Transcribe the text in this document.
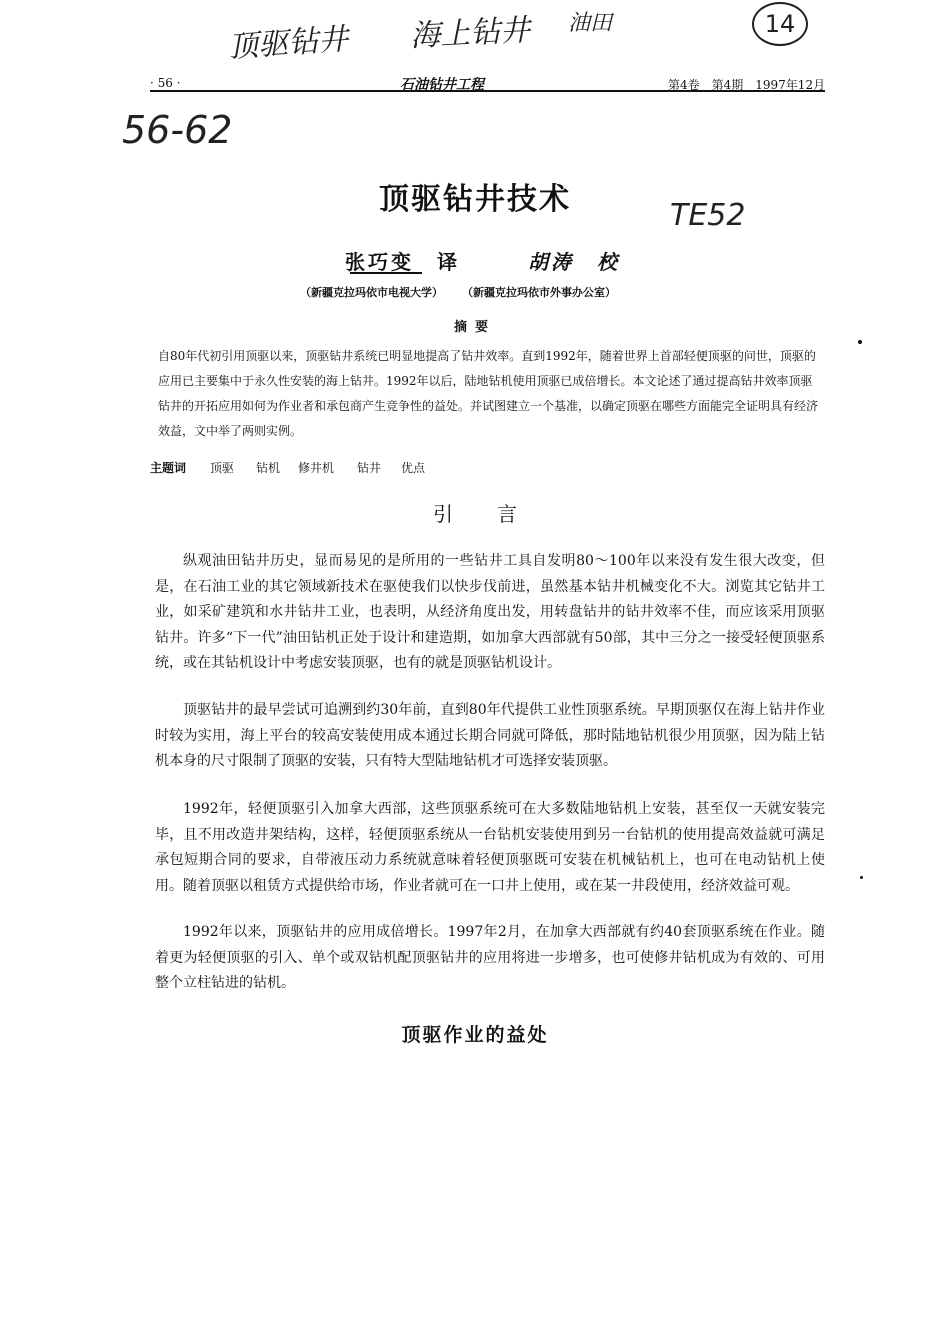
顶驱钻井 海上钻井 油田	14
56-62
TE52
· 56 ·	石油钻井工程	第4卷　第4期　1997年12月
顶驱钻井技术
张巧变　译	胡涛　校
（新疆克拉玛依市电视大学） （新疆克拉玛依市外事办公室）
摘要
自80年代初引用顶驱以来，顶驱钻井系统已明显地提高了钻井效率。直到1992年，随着世界上首部轻便顶驱的问世，顶驱的应用已主要集中于永久性安装的海上钻井。1992年以后，陆地钻机使用顶驱已成倍增长。本文论述了通过提高钻井效率顶驱钻井的开拓应用如何为作业者和承包商产生竞争性的益处。并试图建立一个基准，以确定顶驱在哪些方面能完全证明具有经济效益，文中举了两则实例。
主题词 顶驱 钻机 修井机 钻井 优点
引言

纵观油田钻井历史，显而易见的是所用的一些钻井工具自发明80～100年以来没有发生很大改变，但是，在石油工业的其它领域新技术在驱使我们以快步伐前进，虽然基本钻井机械变化不大。浏览其它钻井工业，如采矿建筑和水井钻井工业，也表明，从经济角度出发，用转盘钻井的钻井效率不佳，而应该采用顶驱钻井。许多“下一代”油田钻机正处于设计和建造期，如加拿大西部就有50部，其中三分之一接受轻便顶驱系统，或在其钻机设计中考虑安装顶驱，也有的就是顶驱钻机设计。

顶驱钻井的最早尝试可追溯到约30年前，直到80年代提供工业性顶驱系统。早期顶驱仅在海上钻井作业时较为实用，海上平台的较高安装使用成本通过长期合同就可降低，那时陆地钻机很少用顶驱，因为陆上钻机本身的尺寸限制了顶驱的安装，只有特大型陆地钻机才可选择安装顶驱。

1992年，轻便顶驱引入加拿大西部，这些顶驱系统可在大多数陆地钻机上安装，甚至仅一天就安装完毕，且不用改造井架结构，这样，轻便顶驱系统从一台钻机安装使用到另一台钻机的使用提高效益就可满足承包短期合同的要求，自带液压动力系统就意味着轻便顶驱既可安装在机械钻机上，也可在电动钻机上使用。随着顶驱以租赁方式提供给市场，作业者就可在一口井上使用，或在某一井段使用，经济效益可观。

1992年以来，顶驱钻井的应用成倍增长。1997年2月，在加拿大西部就有约40套顶驱系统在作业。随着更为轻便顶驱的引入、单个或双钻机配顶驱钻井的应用将进一步增多，也可使修井钻机成为有效的、可用整个立柱钻进的钻机。

顶驱作业的益处
